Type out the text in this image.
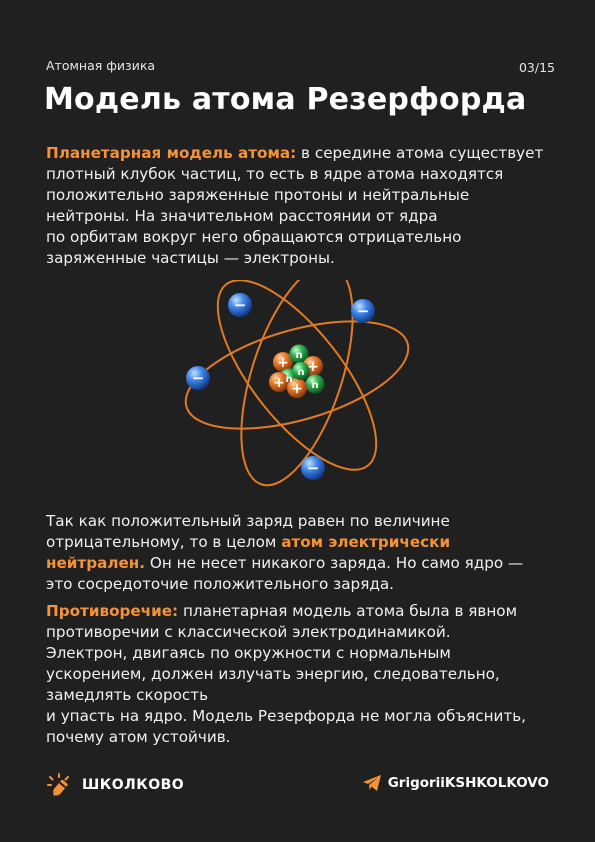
Атомная физика	03/15
Модель атома Резерфорда
Планетарная модель атома: в середине атома существует
плотный клубок частиц, то есть в ядре атома находятся
положительно заряженные протоны и нейтральные
нейтроны. На значительном расстоянии от ядра
по орбитам вокруг него обращаются отрицательно
заряженные частицы — электроны.
+ n
+
n
n
+ +
n
−	−
−
−
Так как положительный заряд равен по величине
отрицательному, то в целом атом электрически
нейтрален. Он не несет никакого заряда. Но само ядро —
это сосредоточие положительного заряда.
Противоречие: планетарная модель атома была в явном
противоречии с классической электродинамикой.
Электрон, двигаясь по окружности с нормальным
ускорением, должен излучать энергию, следовательно,
замедлять скорость
и упасть на ядро. Модель Резерфорда не могла объяснить,
почему атом устойчив.
ШКОЛКОВО	GrigoriiKSHKOLKOVO
